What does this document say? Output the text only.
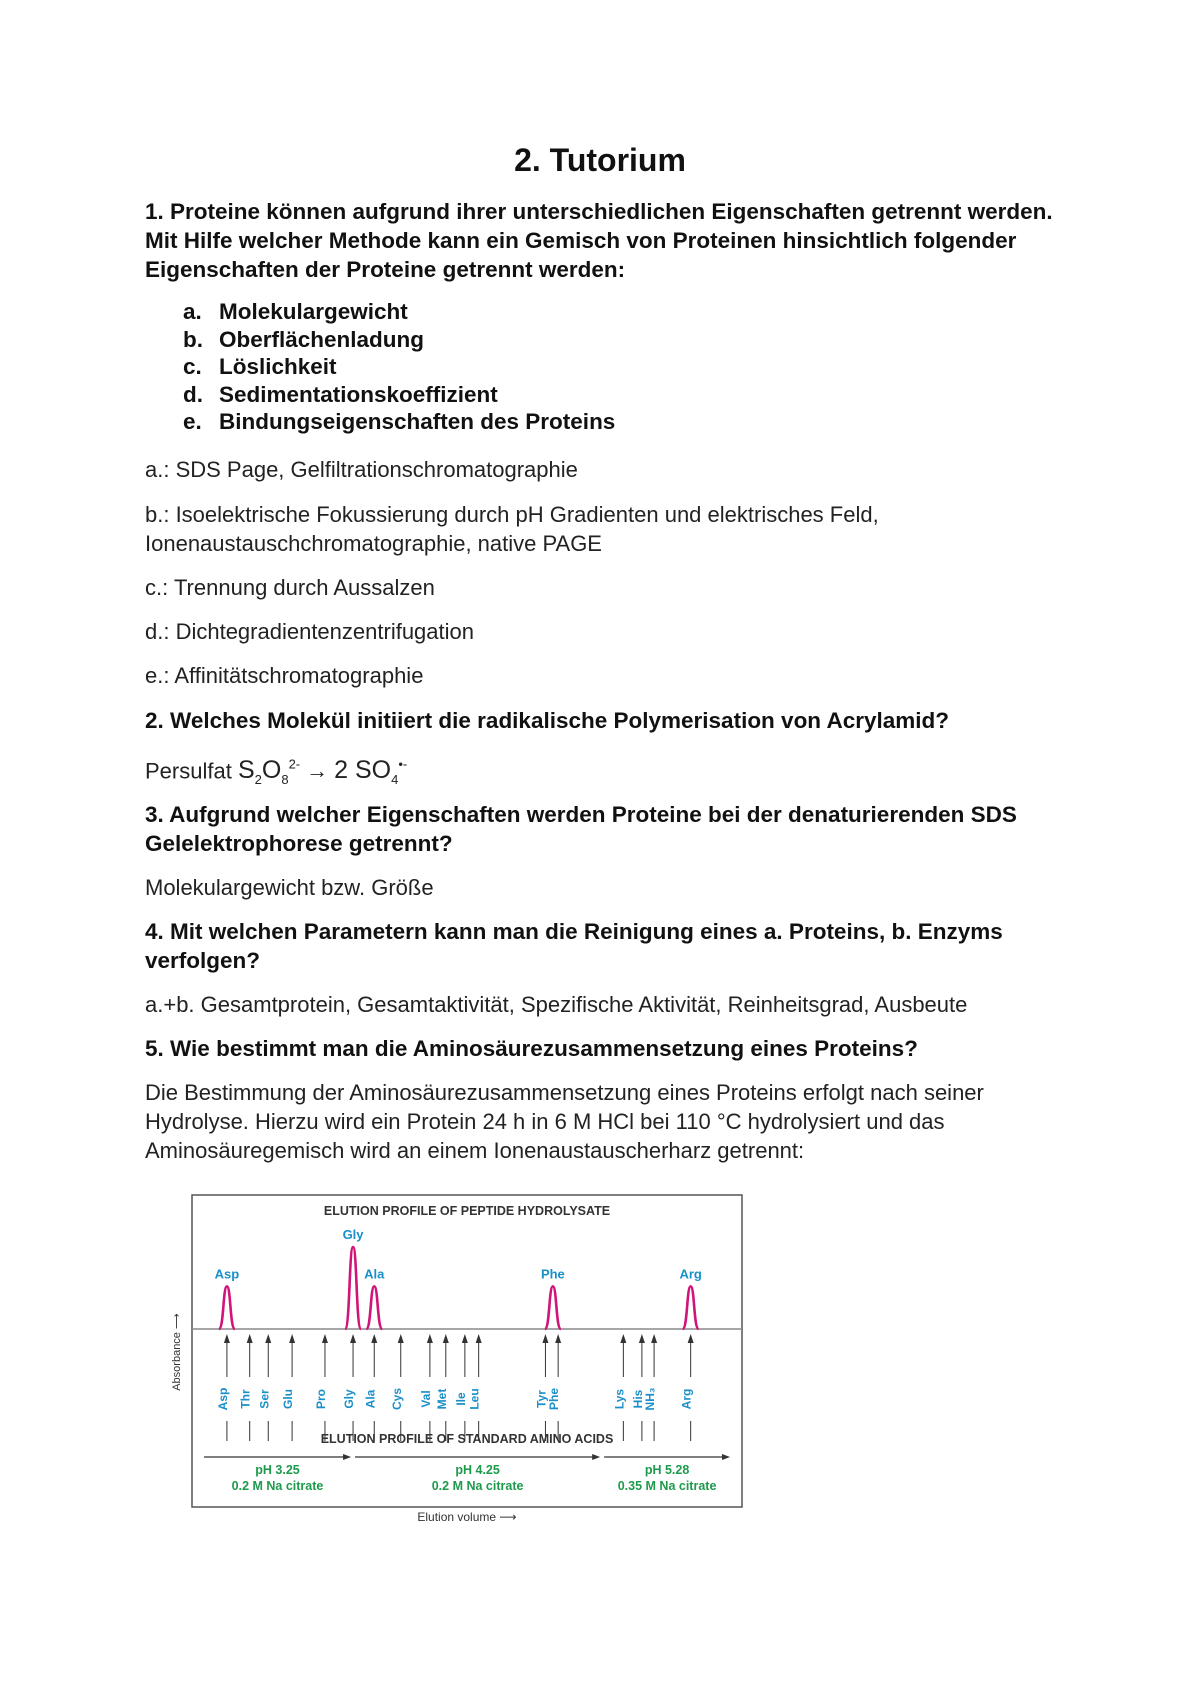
2. Tutorium

1. Proteine können aufgrund ihrer unterschiedlichen Eigenschaften getrennt werden. Mit Hilfe welcher Methode kann ein Gemisch von Proteinen hinsichtlich folgender Eigenschaften der Proteine getrennt werden:

a. Molekulargewicht
b. Oberflächenladung
c. Löslichkeit
d. Sedimentationskoeffizient
e. Bindungseigenschaften des Proteins

a.: SDS Page, Gelfiltrationschromatographie

b.: Isoelektrische Fokussierung durch pH Gradienten und elektrisches Feld, Ionenaustauschchromatographie, native PAGE

c.: Trennung durch Aussalzen

d.: Dichtegradientenzentrifugation

e.: Affinitätschromatographie

2. Welches Molekül initiiert die radikalische Polymerisation von Acrylamid?

Persulfat $S_2O_8^{2-} \to 2$ $SO_4^{•-}$

3. Aufgrund welcher Eigenschaften werden Proteine bei der denaturierenden SDS Gelelektrophorese getrennt?

Molekulargewicht bzw. Größe

4. Mit welchen Parametern kann man die Reinigung eines a. Proteins, b. Enzyms verfolgen?

a.+b. Gesamtprotein, Gesamtaktivität, Spezifische Aktivität, Reinheitsgrad, Ausbeute

5. Wie bestimmt man die Aminosäurezusammensetzung eines Proteins?

Die Bestimmung der Aminosäurezusammensetzung eines Proteins erfolgt nach seiner Hydrolyse. Hierzu wird ein Protein 24 h in 6 M HCl bei 110 °C hydrolysiert und das Aminosäuregemisch wird an einem Ionenaustauscherharz getrennt:

ELUTION PROFILE OF PEPTIDE HYDROLYSATE
ELUTION PROFILE OF STANDARD AMINO ACIDS
Absorbance ⟶
Elution volume ⟶
Asp
Gly
Ala	Phe	Arg
Asp Thr Ser Glu Pro Gly Ala Cys Val Met Ile Leu	Tyr
Phe	Lys His
NH₃ Arg
pH 3.25
0.2 M Na citrate
pH 4.25
0.2 M Na citrate
pH 5.28
0.35 M Na citrate
